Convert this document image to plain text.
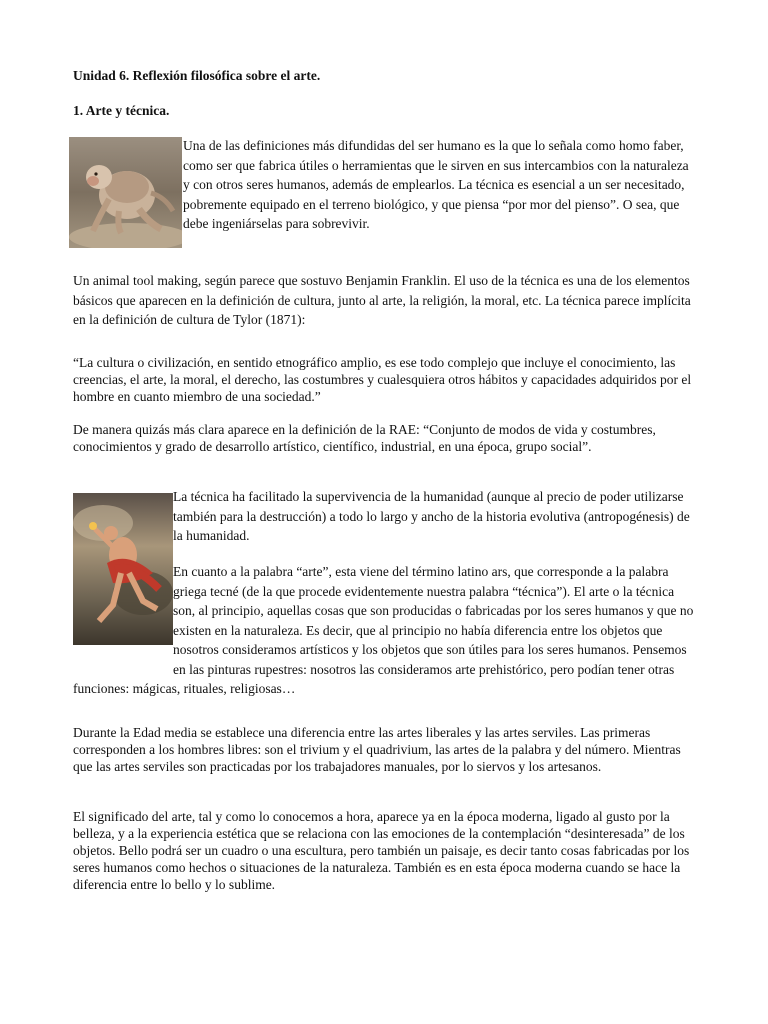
Unidad 6. Reflexión filosófica sobre el arte.
1. Arte y técnica.

Una de las definiciones más difundidas del ser humano es la que lo señala como homo faber, como ser que fabrica útiles o herramientas que le sirven en sus intercambios con la naturaleza y con otros seres humanos, además de emplearlos. La técnica es esencial a un ser necesitado, pobremente equipado en el terreno biológico, y que piensa “por mor del pienso”. O sea, que debe ingeniárselas para sobrevivir.

Un animal tool making, según parece que sostuvo Benjamin Franklin. El uso de la técnica es una de los elementos básicos que aparecen en la definición de cultura, junto al arte, la religión, la moral, etc. La técnica parece implícita en la definición de cultura de Tylor (1871):

“La cultura o civilización, en sentido etnográfico amplio, es ese todo complejo que incluye el conocimiento, las creencias, el arte, la moral, el derecho, las costumbres y cualesquiera otros hábitos y capacidades adquiridos por el hombre en cuanto miembro de una sociedad.”

De manera quizás más clara aparece en la definición de la RAE: “Conjunto de modos de vida y costumbres, conocimientos y grado de desarrollo artístico, científico, industrial, en una época, grupo social”.

La técnica ha facilitado la supervivencia de la humanidad (aunque al precio de poder utilizarse también para la destrucción) a todo lo largo y ancho de la historia evolutiva (antropogénesis) de la humanidad.

En cuanto a la palabra “arte”, esta viene del término latino ars, que corresponde a la palabra griega tecné (de la que procede evidentemente nuestra palabra “técnica”). El arte o la técnica son, al principio, aquellas cosas que son producidas o fabricadas por los seres humanos y que no existen en la naturaleza. Es decir, que al principio no había diferencia entre los objetos que nosotros consideramos artísticos y los objetos que son útiles para los seres humanos. Pensemos en las pinturas rupestres: nosotros las consideramos arte prehistórico, pero podían tener otras funciones: mágicas, rituales, religiosas…

Durante la Edad media se establece una diferencia entre las artes liberales y las artes serviles. Las primeras corresponden a los hombres libres: son el trivium y el quadrivium, las artes de la palabra y del número. Mientras que las artes serviles son practicadas por los trabajadores manuales, por lo siervos y los artesanos.

El significado del arte, tal y como lo conocemos a hora, aparece ya en la época moderna, ligado al gusto por la belleza, y a la experiencia estética que se relaciona con las emociones de la contemplación “desinteresada” de los objetos. Bello podrá ser un cuadro o una escultura, pero también un paisaje, es decir tanto cosas fabricadas por los seres humanos como hechos o situaciones de la naturaleza. También es en esta época moderna cuando se hace la diferencia entre lo bello y lo sublime.
